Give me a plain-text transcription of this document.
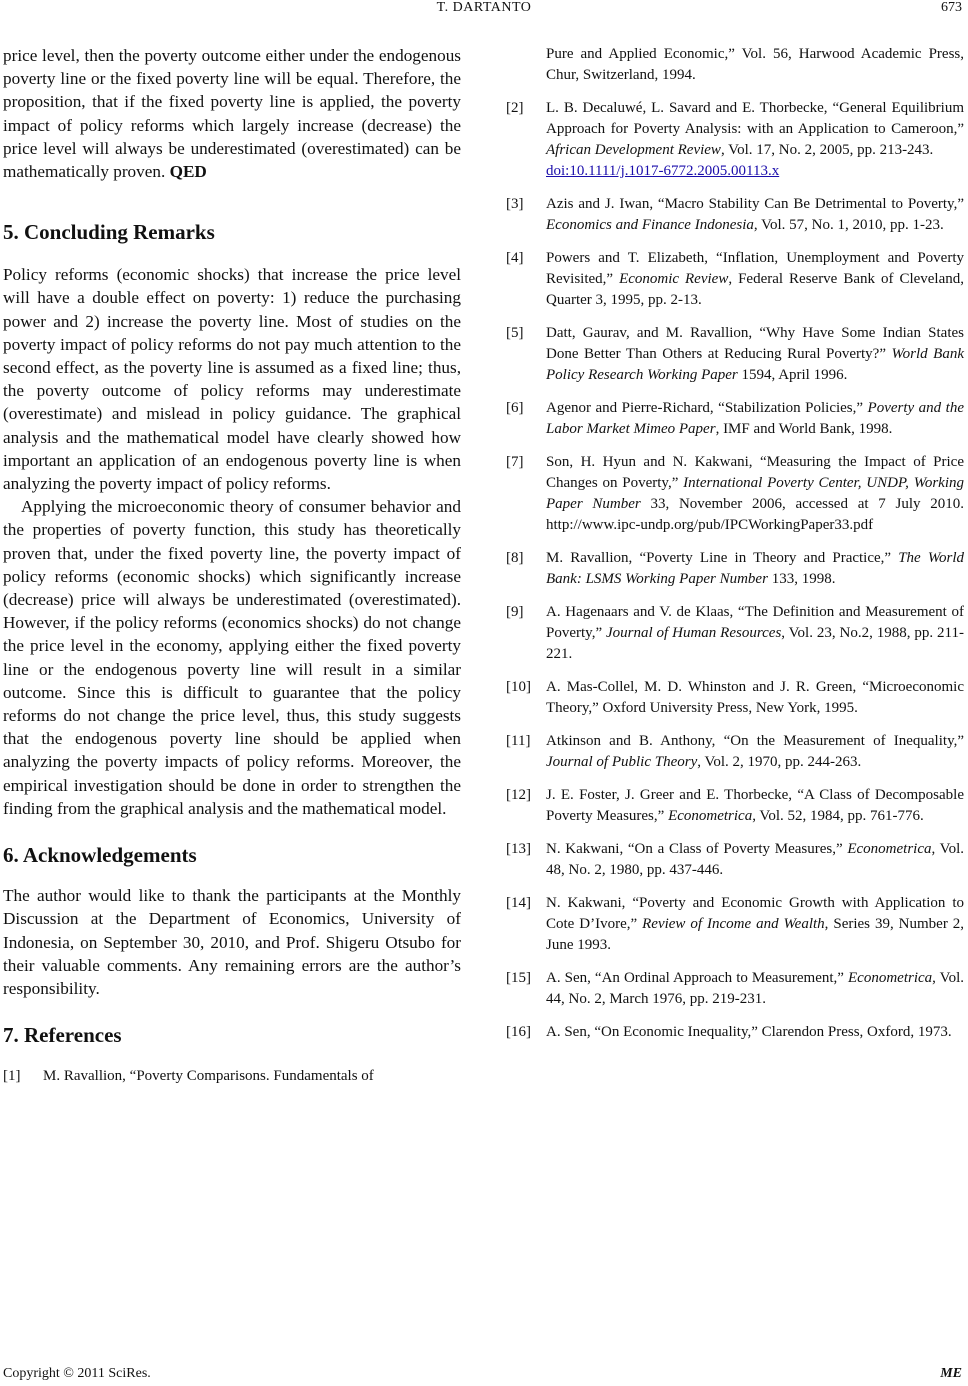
T. DARTANTO	673

price level, then the poverty outcome either under the endogenous poverty line or the fixed poverty line will be equal. Therefore, the proposition, that if the fixed poverty line is applied, the poverty impact of policy reforms which largely increase (decrease) the price level will always be underestimated (overestimated) can be mathematically proven. QED

5. Concluding Remarks

Policy reforms (economic shocks) that increase the price level will have a double effect on poverty: 1) reduce the purchasing power and 2) increase the poverty line. Most of studies on the poverty impact of policy reforms do not pay much attention to the second effect, as the poverty line is assumed as a fixed line; thus, the poverty outcome of policy reforms may underestimate (overestimate) and mislead in policy guidance. The graphical analysis and the mathematical model have clearly showed how important an application of an endogenous poverty line is when analyzing the poverty impact of policy reforms.

Applying the microeconomic theory of consumer behavior and the properties of poverty function, this study has theoretically proven that, under the fixed poverty line, the poverty impact of policy reforms (economic shocks) which significantly increase (decrease) price will always be underestimated (overestimated). However, if the policy reforms (economics shocks) do not change the price level in the economy, applying either the fixed poverty line or the endogenous poverty line will result in a similar outcome. Since this is difficult to guarantee that the policy reforms do not change the price level, thus, this study suggests that the endogenous poverty line should be applied when analyzing the poverty impacts of policy reforms. Moreover, the empirical investigation should be done in order to strengthen the finding from the graphical analysis and the mathematical model.

6. Acknowledgements

The author would like to thank the participants at the Monthly Discussion at the Department of Economics, University of Indonesia, on September 30, 2010, and Prof. Shigeru Otsubo for their valuable comments. Any remaining errors are the author’s responsibility.

7. References
[1] M. Ravallion, “Poverty Comparisons. Fundamentals of
Pure and Applied Economic,” Vol. 56, Harwood Academic Press, Chur, Switzerland, 1994.
[2] L. B. Decaluwé, L. Savard and E. Thorbecke, “General Equilibrium Approach for Poverty Analysis: with an Application to Cameroon,” African Development Review, Vol. 17, No. 2, 2005, pp. 213-243.
doi:10.1111/j.1017-6772.2005.00113.x
[3] Azis and J. Iwan, “Macro Stability Can Be Detrimental to Poverty,” Economics and Finance Indonesia, Vol. 57, No. 1, 2010, pp. 1-23.
[4] Powers and T. Elizabeth, “Inflation, Unemployment and Poverty Revisited,” Economic Review, Federal Reserve Bank of Cleveland, Quarter 3, 1995, pp. 2-13.
[5] Datt, Gaurav, and M. Ravallion, “Why Have Some Indian States Done Better Than Others at Reducing Rural Poverty?” World Bank Policy Research Working Paper 1594, April 1996.
[6] Agenor and Pierre-Richard, “Stabilization Policies,” Poverty and the Labor Market Mimeo Paper, IMF and World Bank, 1998.
[7] Son, H. Hyun and N. Kakwani, “Measuring the Impact of Price Changes on Poverty,” International Poverty Center, UNDP, Working Paper Number 33, November 2006, accessed at 7 July 2010. http://www.ipc-undp.org/pub/IPCWorkingPaper33.pdf
[8] M. Ravallion, “Poverty Line in Theory and Practice,” The World Bank: LSMS Working Paper Number 133, 1998.
[9] A. Hagenaars and V. de Klaas, “The Definition and Measurement of Poverty,” Journal of Human Resources, Vol. 23, No.2, 1988, pp. 211-221.
[10] A. Mas-Collel, M. D. Whinston and J. R. Green, “Microeconomic Theory,” Oxford University Press, New York, 1995.
[11] Atkinson and B. Anthony, “On the Measurement of Inequality,” Journal of Public Theory, Vol. 2, 1970, pp. 244-263.
[12] J. E. Foster, J. Greer and E. Thorbecke, “A Class of Decomposable Poverty Measures,” Econometrica, Vol. 52, 1984, pp. 761-776.
[13] N. Kakwani, “On a Class of Poverty Measures,” Econometrica, Vol. 48, No. 2, 1980, pp. 437-446.
[14] N. Kakwani, “Poverty and Economic Growth with Application to Cote D’Ivore,” Review of Income and Wealth, Series 39, Number 2, June 1993.
[15] A. Sen, “An Ordinal Approach to Measurement,” Econometrica, Vol. 44, No. 2, March 1976, pp. 219-231.
[16] A. Sen, “On Economic Inequality,” Clarendon Press, Oxford, 1973.
Copyright © 2011 SciRes.	ME
